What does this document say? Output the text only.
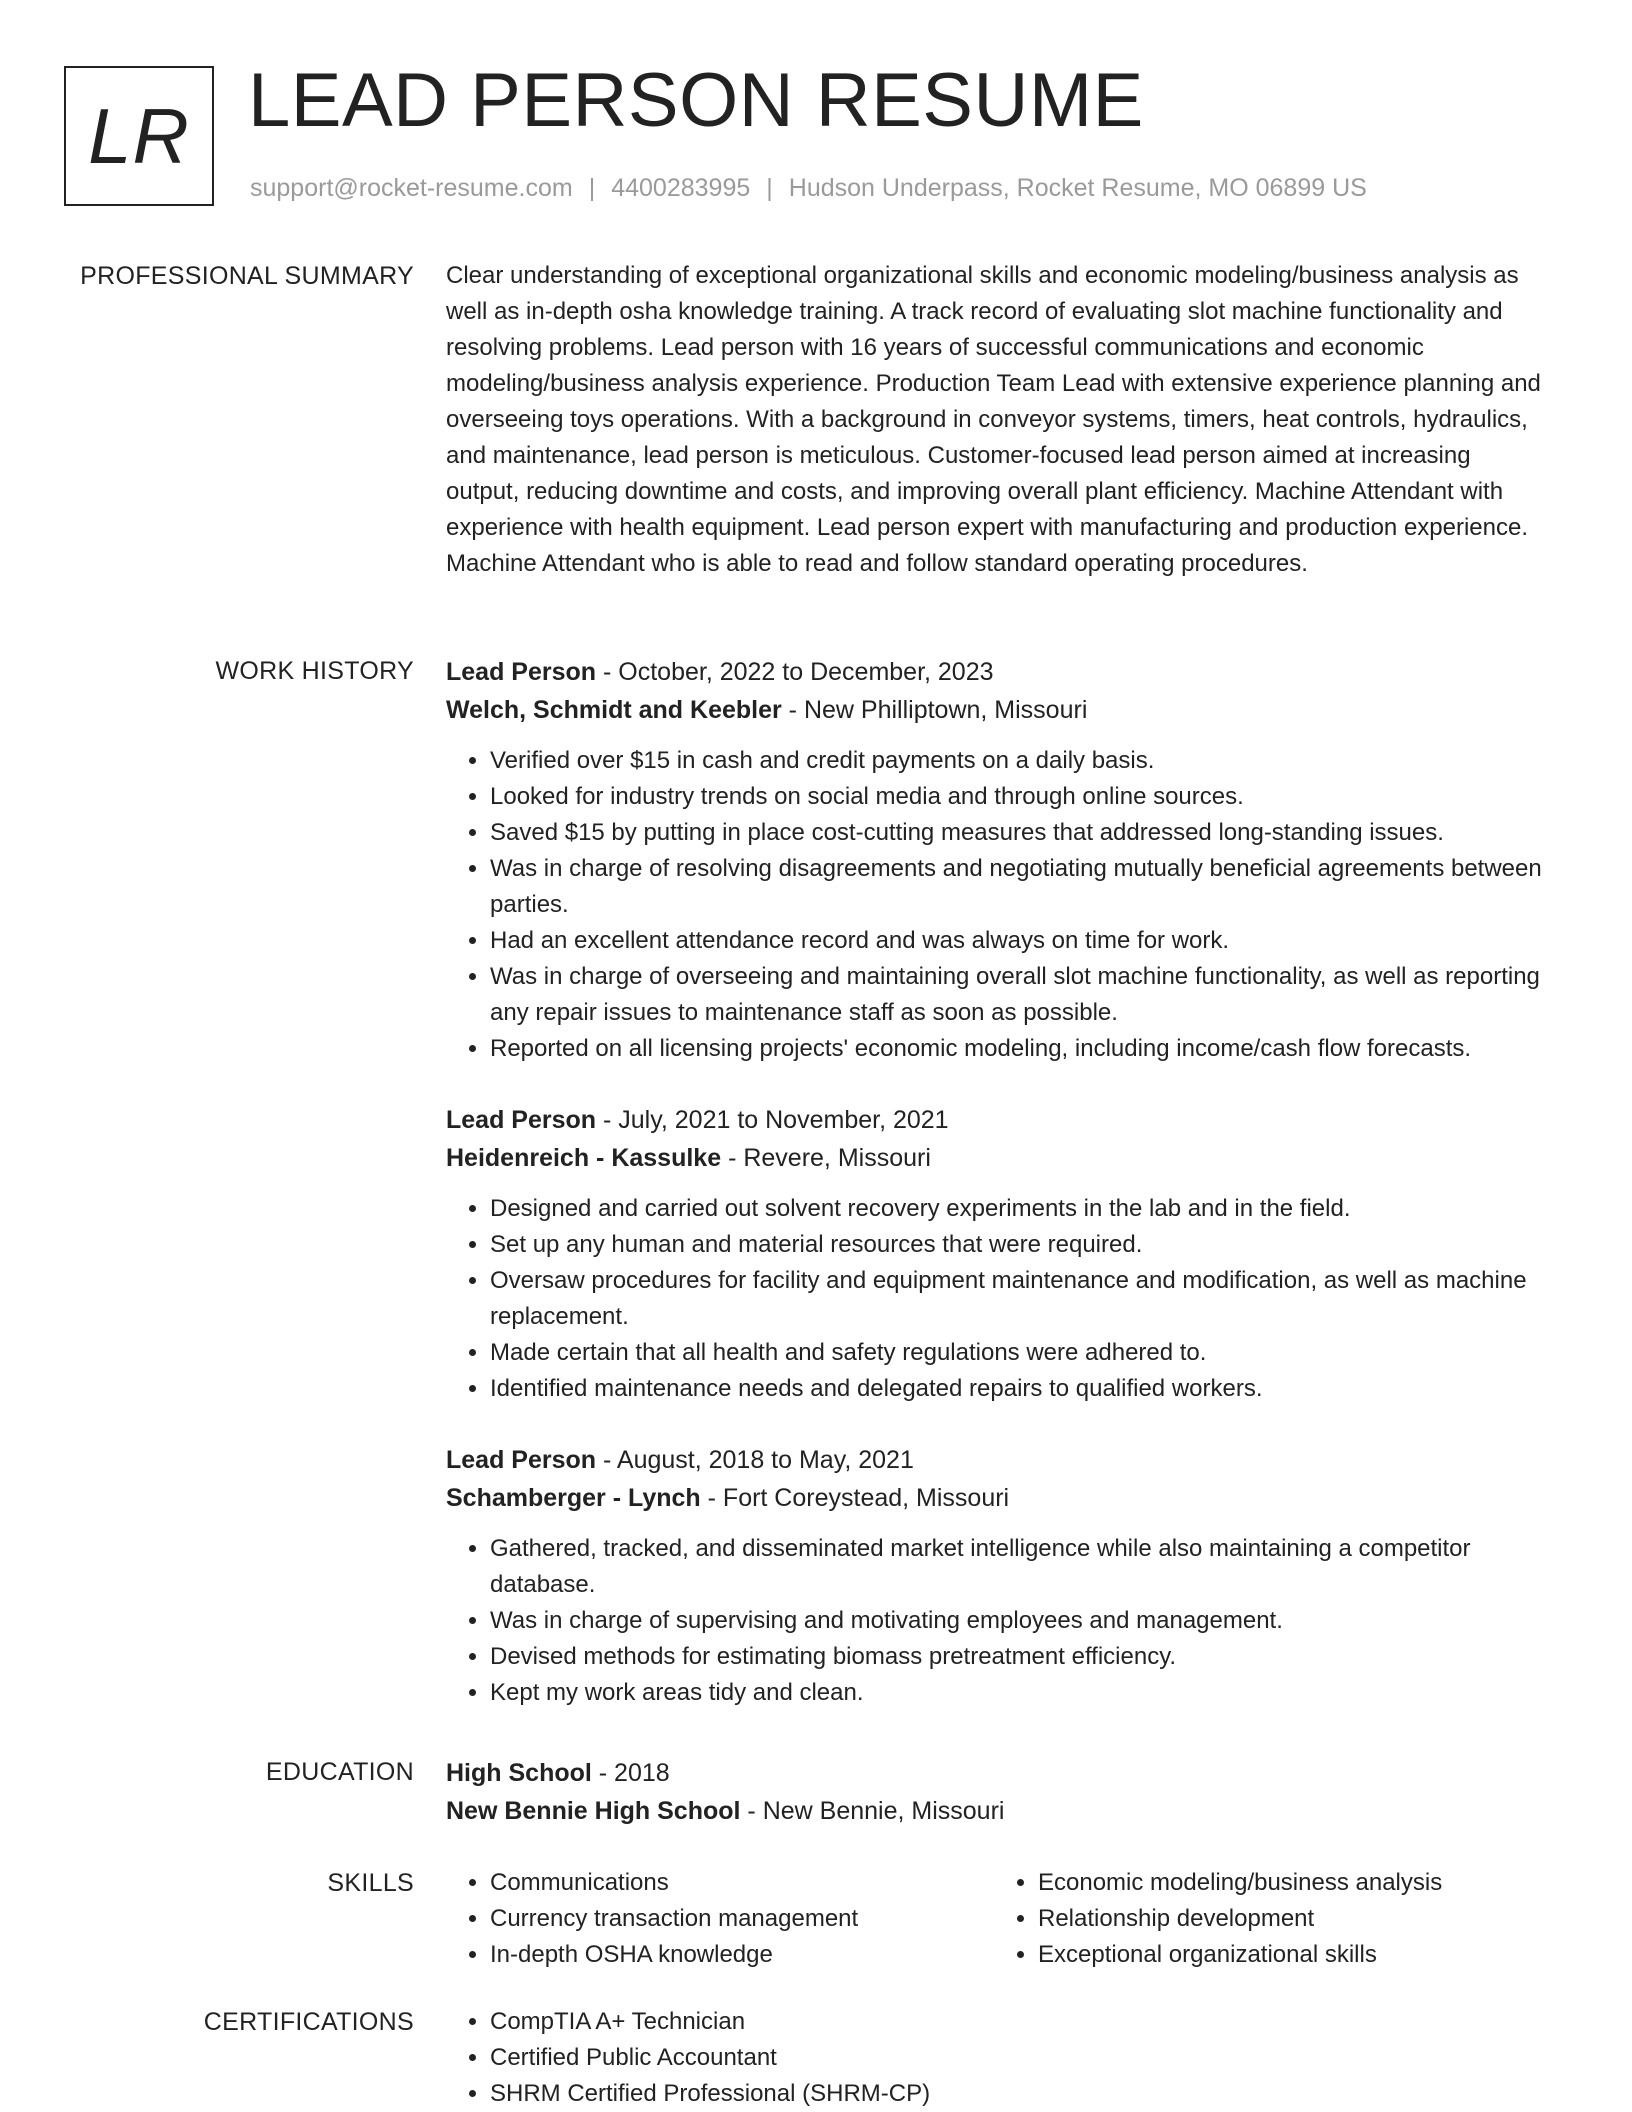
LR LEAD PERSON RESUME
support@rocket-resume.com | 4400283995 | Hudson Underpass, Rocket Resume, MO 06899 US
PROFESSIONAL SUMMARY Clear understanding of exceptional organizational skills and economic modeling/business analysis as well as in-depth osha knowledge training. A track record of evaluating slot machine functionality and resolving problems. Lead person with 16 years of successful communications and economic modeling/business analysis experience. Production Team Lead with extensive experience planning and overseeing toys operations. With a background in conveyor systems, timers, heat controls, hydraulics, and maintenance, lead person is meticulous. Customer-focused lead person aimed at increasing output, reducing downtime and costs, and improving overall plant efficiency. Machine Attendant with experience with health equipment. Lead person expert with manufacturing and production experience. Machine Attendant who is able to read and follow standard operating procedures.

WORK HISTORY Lead Person - October, 2022 to December, 2023

Welch, Schmidt and Keebler - New Philliptown, Missouri

• Verified over $15 in cash and credit payments on a daily basis.
• Looked for industry trends on social media and through online sources.
• Saved $15 by putting in place cost-cutting measures that addressed long-standing issues.
• Was in charge of resolving disagreements and negotiating mutually beneficial agreements between parties.
• Had an excellent attendance record and was always on time for work.
• Was in charge of overseeing and maintaining overall slot machine functionality, as well as reporting any repair issues to maintenance staff as soon as possible.
• Reported on all licensing projects' economic modeling, including income/cash flow forecasts.

Lead Person - July, 2021 to November, 2021

Heidenreich - Kassulke - Revere, Missouri

• Designed and carried out solvent recovery experiments in the lab and in the field.
• Set up any human and material resources that were required.
• Oversaw procedures for facility and equipment maintenance and modification, as well as machine replacement.
• Made certain that all health and safety regulations were adhered to.
• Identified maintenance needs and delegated repairs to qualified workers.

Lead Person - August, 2018 to May, 2021

Schamberger - Lynch - Fort Coreystead, Missouri

• Gathered, tracked, and disseminated market intelligence while also maintaining a competitor database.
• Was in charge of supervising and motivating employees and management.
• Devised methods for estimating biomass pretreatment efficiency.
• Kept my work areas tidy and clean.
EDUCATION High School - 2018

New Bennie High School - New Bennie, Missouri

SKILLS	• Communications
• Currency transaction management
• In-depth OSHA knowledge
• Economic modeling/business analysis
• Relationship development
• Exceptional organizational skills
CERTIFICATIONS	• CompTIA A+ Technician
• Certified Public Accountant
• SHRM Certified Professional (SHRM-CP)
